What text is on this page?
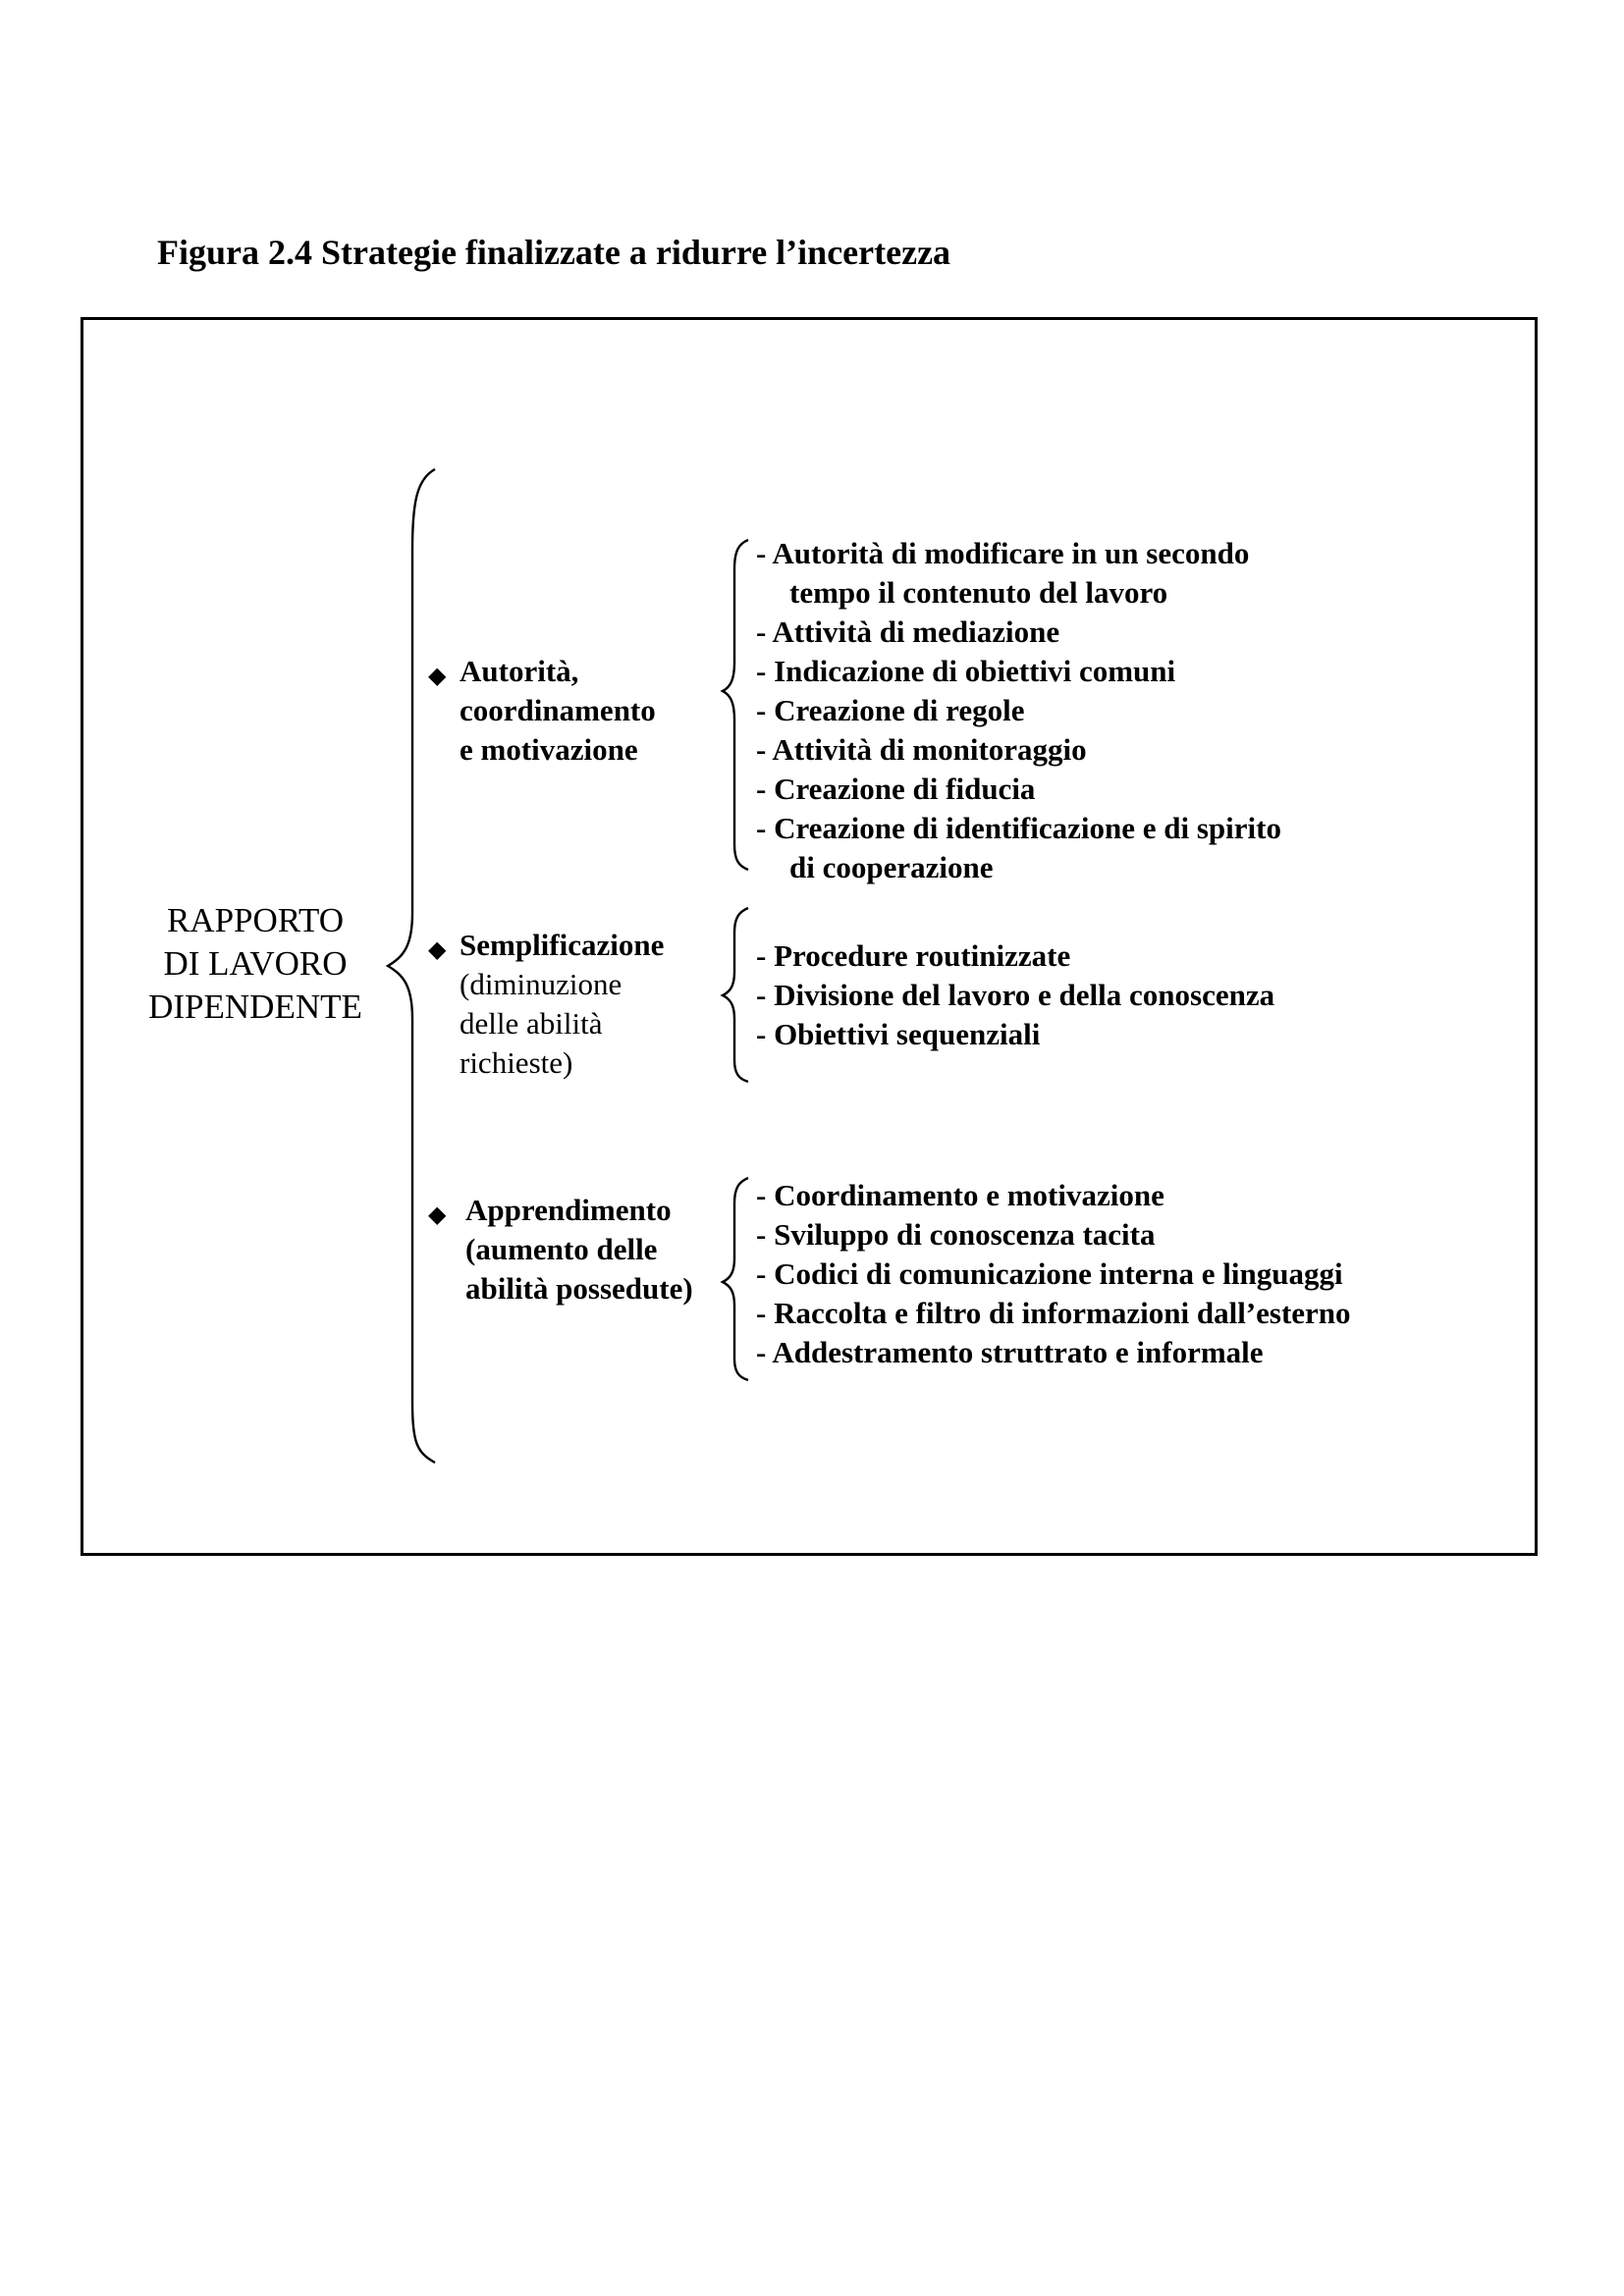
Figura 2.4 Strategie finalizzate a ridurre l’incertezza
RAPPORTO
DI LAVORO
DIPENDENTE
◆ Autorità,
coordinamento
e motivazione
- Autorità di modificare in un secondo
tempo il contenuto del lavoro
- Attività di mediazione
- Indicazione di obiettivi comuni
- Creazione di regole
- Attività di monitoraggio
- Creazione di fiducia
- Creazione di identificazione e di spirito
di cooperazione
◆ Semplificazione
(diminuzione
delle abilità
richieste)
- Procedure routinizzate
- Divisione del lavoro e della conoscenza
- Obiettivi sequenziali
◆ Apprendimento
(aumento delle
abilità possedute)
- Coordinamento e motivazione
- Sviluppo di conoscenza tacita
- Codici di comunicazione interna e linguaggi
- Raccolta e filtro di informazioni dall’esterno
- Addestramento struttrato e informale
